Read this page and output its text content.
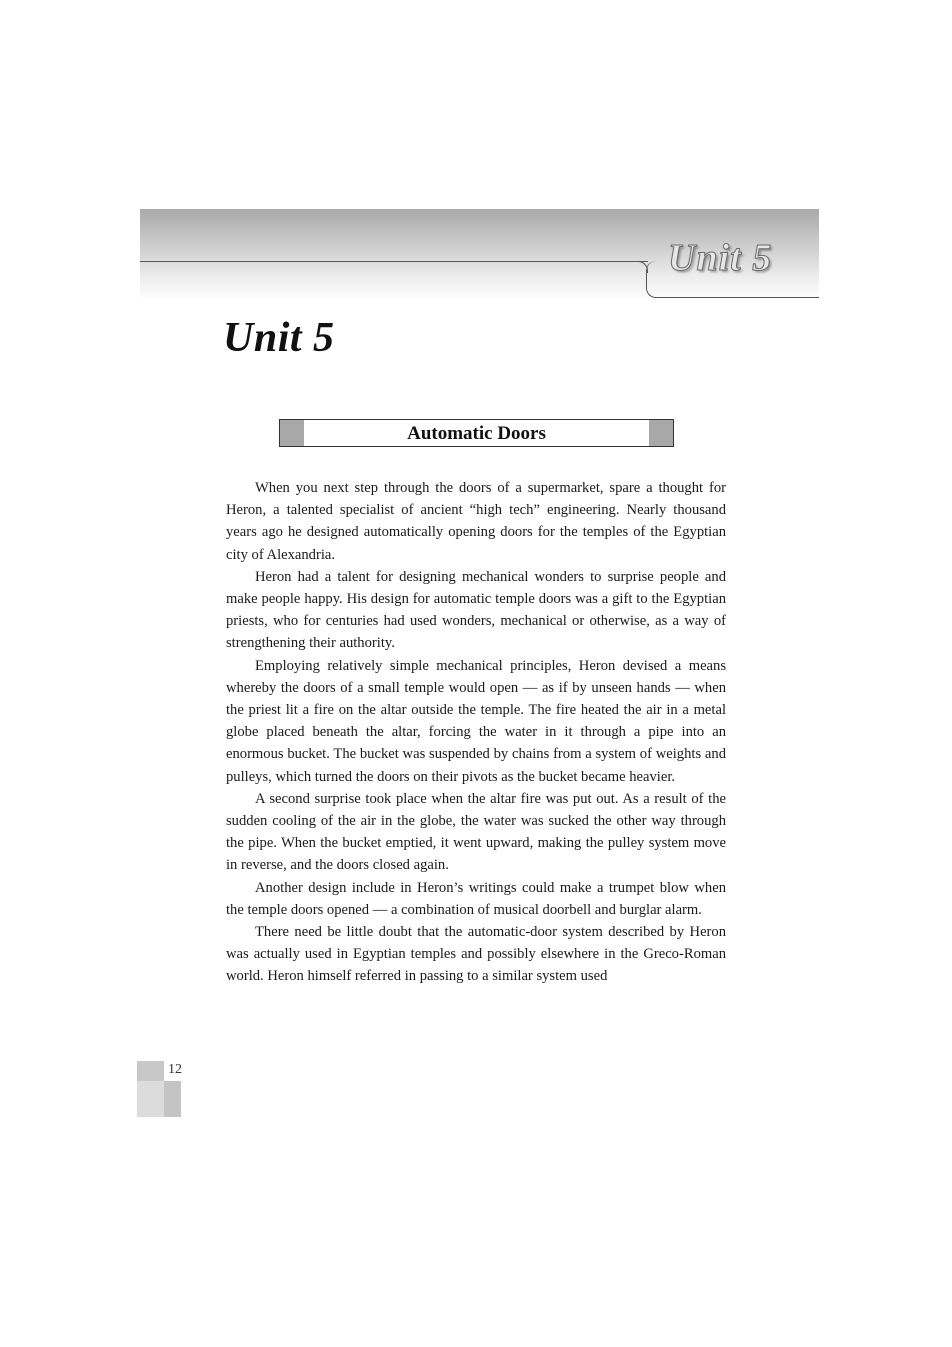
Unit 5
Unit 5
Automatic Doors

When you next step through the doors of a supermarket, spare a thought for Heron, a talented specialist of ancient “high tech” engineering. Nearly thousand years ago he designed automatically opening doors for the temples of the Egyptian city of Alexandria.

Heron had a talent for designing mechanical wonders to surprise people and make people happy. His design for automatic temple doors was a gift to the Egyptian priests, who for centuries had used wonders, mechanical or otherwise, as a way of strengthening their authority.

Employing relatively simple mechanical principles, Heron devised a means whereby the doors of a small temple would open — as if by unseen hands — when the priest lit a fire on the altar outside the temple. The fire heated the air in a metal globe placed beneath the altar, forcing the water in it through a pipe into an enormous bucket. The bucket was suspended by chains from a system of weights and pulleys, which turned the doors on their pivots as the bucket became heavier.

A second surprise took place when the altar fire was put out. As a result of the sudden cooling of the air in the globe, the water was sucked the other way through the pipe. When the bucket emptied, it went upward, making the pulley system move in reverse, and the doors closed again.

Another design include in Heron’s writings could make a trumpet blow when the temple doors opened — a combination of musical doorbell and burglar alarm.

There need be little doubt that the automatic-door system described by Heron was actually used in Egyptian temples and possibly elsewhere in the Greco-Roman world. Heron himself referred in passing to a similar system used

12
